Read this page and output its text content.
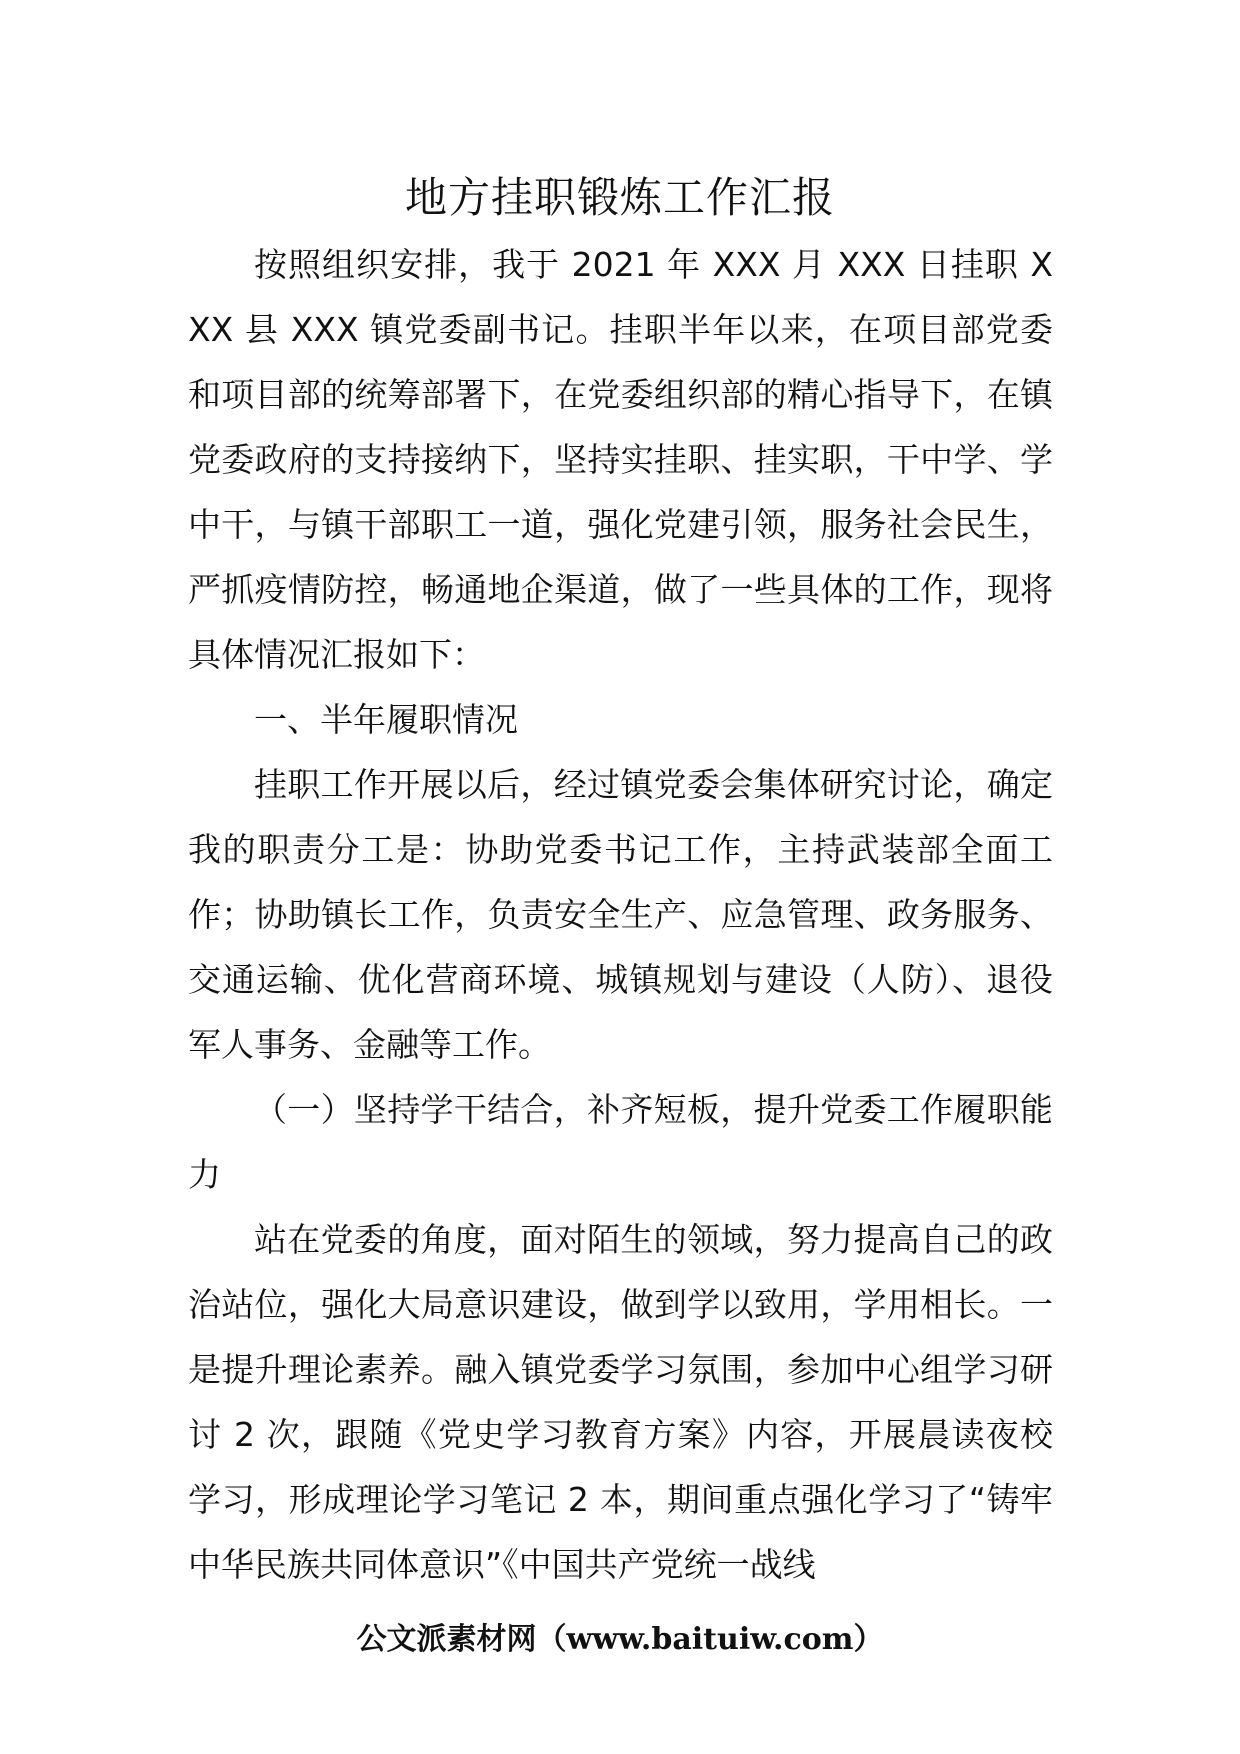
地方挂职锻炼工作汇报

按照组织安排，我于 2021 年 XXX 月 XXX 日挂职 XXX 县 XXX 镇党委副书记。挂职半年以来，在项目部党委和项目部的统筹部署下，在党委组织部的精心指导下，在镇党委政府的支持接纳下，坚持实挂职、挂实职，干中学、学中干，与镇干部职工一道，强化党建引领，服务社会民生，严抓疫情防控，畅通地企渠道，做了一些具体的工作，现将具体情况汇报如下：

一、半年履职情况

挂职工作开展以后，经过镇党委会集体研究讨论，确定我的职责分工是：协助党委书记工作，主持武装部全面工作；协助镇长工作，负责安全生产、应急管理、政务服务、交通运输、优化营商环境、城镇规划与建设（人防）、退役军人事务、金融等工作。

（一）坚持学干结合，补齐短板，提升党委工作履职能力

站在党委的角度，面对陌生的领域，努力提高自己的政治站位，强化大局意识建设，做到学以致用，学用相长。一是提升理论素养。融入镇党委学习氛围，参加中心组学习研讨 2 次，跟随《党史学习教育方案》内容，开展晨读夜校学习，形成理论学习笔记 2 本，期间重点强化学习了“铸牢中华民族共同体意识”《中国共产党统一战线

公文派素材网（www.baituiw.com）
